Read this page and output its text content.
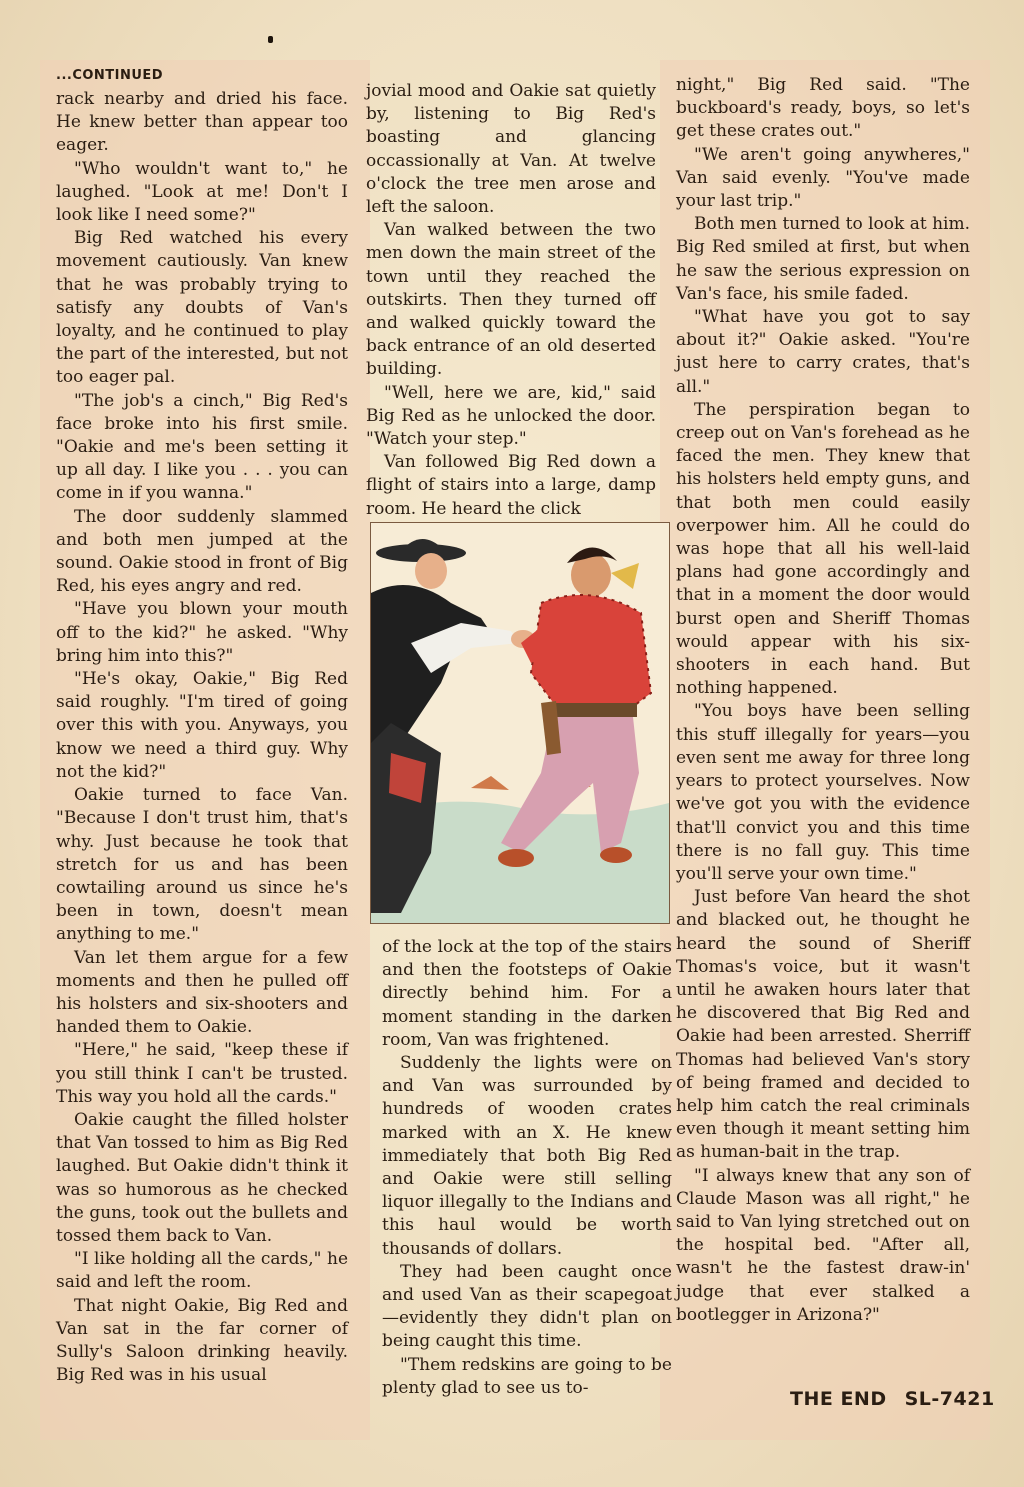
...CONTINUED

rack nearby and dried his face. He knew better than appear too eager.

"Who wouldn't want to," he laughed. "Look at me! Don't I look like I need some?"

Big Red watched his every movement cautiously. Van knew that he was probably trying to satisfy any doubts of Van's loyalty, and he continued to play the part of the interested, but not too eager pal.

"The job's a cinch," Big Red's face broke into his first smile. "Oakie and me's been setting it up all day. I like you . . . you can come in if you wanna."

The door suddenly slammed and both men jumped at the sound. Oakie stood in front of Big Red, his eyes angry and red.

"Have you blown your mouth off to the kid?" he asked. "Why bring him into this?"

"He's okay, Oakie," Big Red said roughly. "I'm tired of going over this with you. Anyways, you know we need a third guy. Why not the kid?"

Oakie turned to face Van. "Because I don't trust him, that's why. Just because he took that stretch for us and has been cowtailing around us since he's been in town, doesn't mean anything to me."

Van let them argue for a few moments and then he pulled off his holsters and six-shooters and handed them to Oakie.

"Here," he said, "keep these if you still think I can't be trusted. This way you hold all the cards."

Oakie caught the filled holster that Van tossed to him as Big Red laughed. But Oakie didn't think it was so humorous as he checked the guns, took out the bullets and tossed them back to Van.

"I like holding all the cards," he said and left the room.

That night Oakie, Big Red and Van sat in the far corner of Sully's Saloon drinking heavily. Big Red was in his usual

jovial mood and Oakie sat quietly by, listening to Big Red's boasting and glancing occassionally at Van. At twelve o'clock the tree men arose and left the saloon.

Van walked between the two men down the main street of the town until they reached the outskirts. Then they turned off and walked quickly toward the back entrance of an old deserted building.

"Well, here we are, kid," said Big Red as he unlocked the door. "Watch your step."

Van followed Big Red down a flight of stairs into a large, damp room. He heard the click

of the lock at the top of the stairs and then the footsteps of Oakie directly behind him. For a moment standing in the darken room, Van was frightened.

Suddenly the lights were on and Van was surrounded by hundreds of wooden crates marked with an X. He knew immediately that both Big Red and Oakie were still selling liquor illegally to the Indians and this haul would be worth thousands of dollars.

They had been caught once and used Van as their scapegoat —evidently they didn't plan on being caught this time.

"Them redskins are going to be plenty glad to see us to-

night," Big Red said. "The buckboard's ready, boys, so let's get these crates out."

"We aren't going anywheres," Van said evenly. "You've made your last trip."

Both men turned to look at him. Big Red smiled at first, but when he saw the serious expression on Van's face, his smile faded.

"What have you got to say about it?" Oakie asked. "You're just here to carry crates, that's all."

The perspiration began to creep out on Van's forehead as he faced the men. They knew that his holsters held empty guns, and that both men could easily overpower him. All he could do was hope that all his well-laid plans had gone accordingly and that in a moment the door would burst open and Sheriff Thomas would appear with his six-shooters in each hand. But nothing happened.

"You boys have been selling this stuff illegally for years—you even sent me away for three long years to protect yourselves. Now we've got you with the evidence that'll convict you and this time there is no fall guy. This time you'll serve your own time."

Just before Van heard the shot and blacked out, he thought he heard the sound of Sheriff Thomas's voice, but it wasn't until he awaken hours later that he discovered that Big Red and Oakie had been arrested. Sherriff Thomas had believed Van's story of being framed and decided to help him catch the real criminals even though it meant setting him as human-bait in the trap.

"I always knew that any son of Claude Mason was all right," he said to Van lying stretched out on the hospital bed. "After all, wasn't he the fastest draw-in' judge that ever stalked a bootlegger in Arizona?"

THE END SL-7421
